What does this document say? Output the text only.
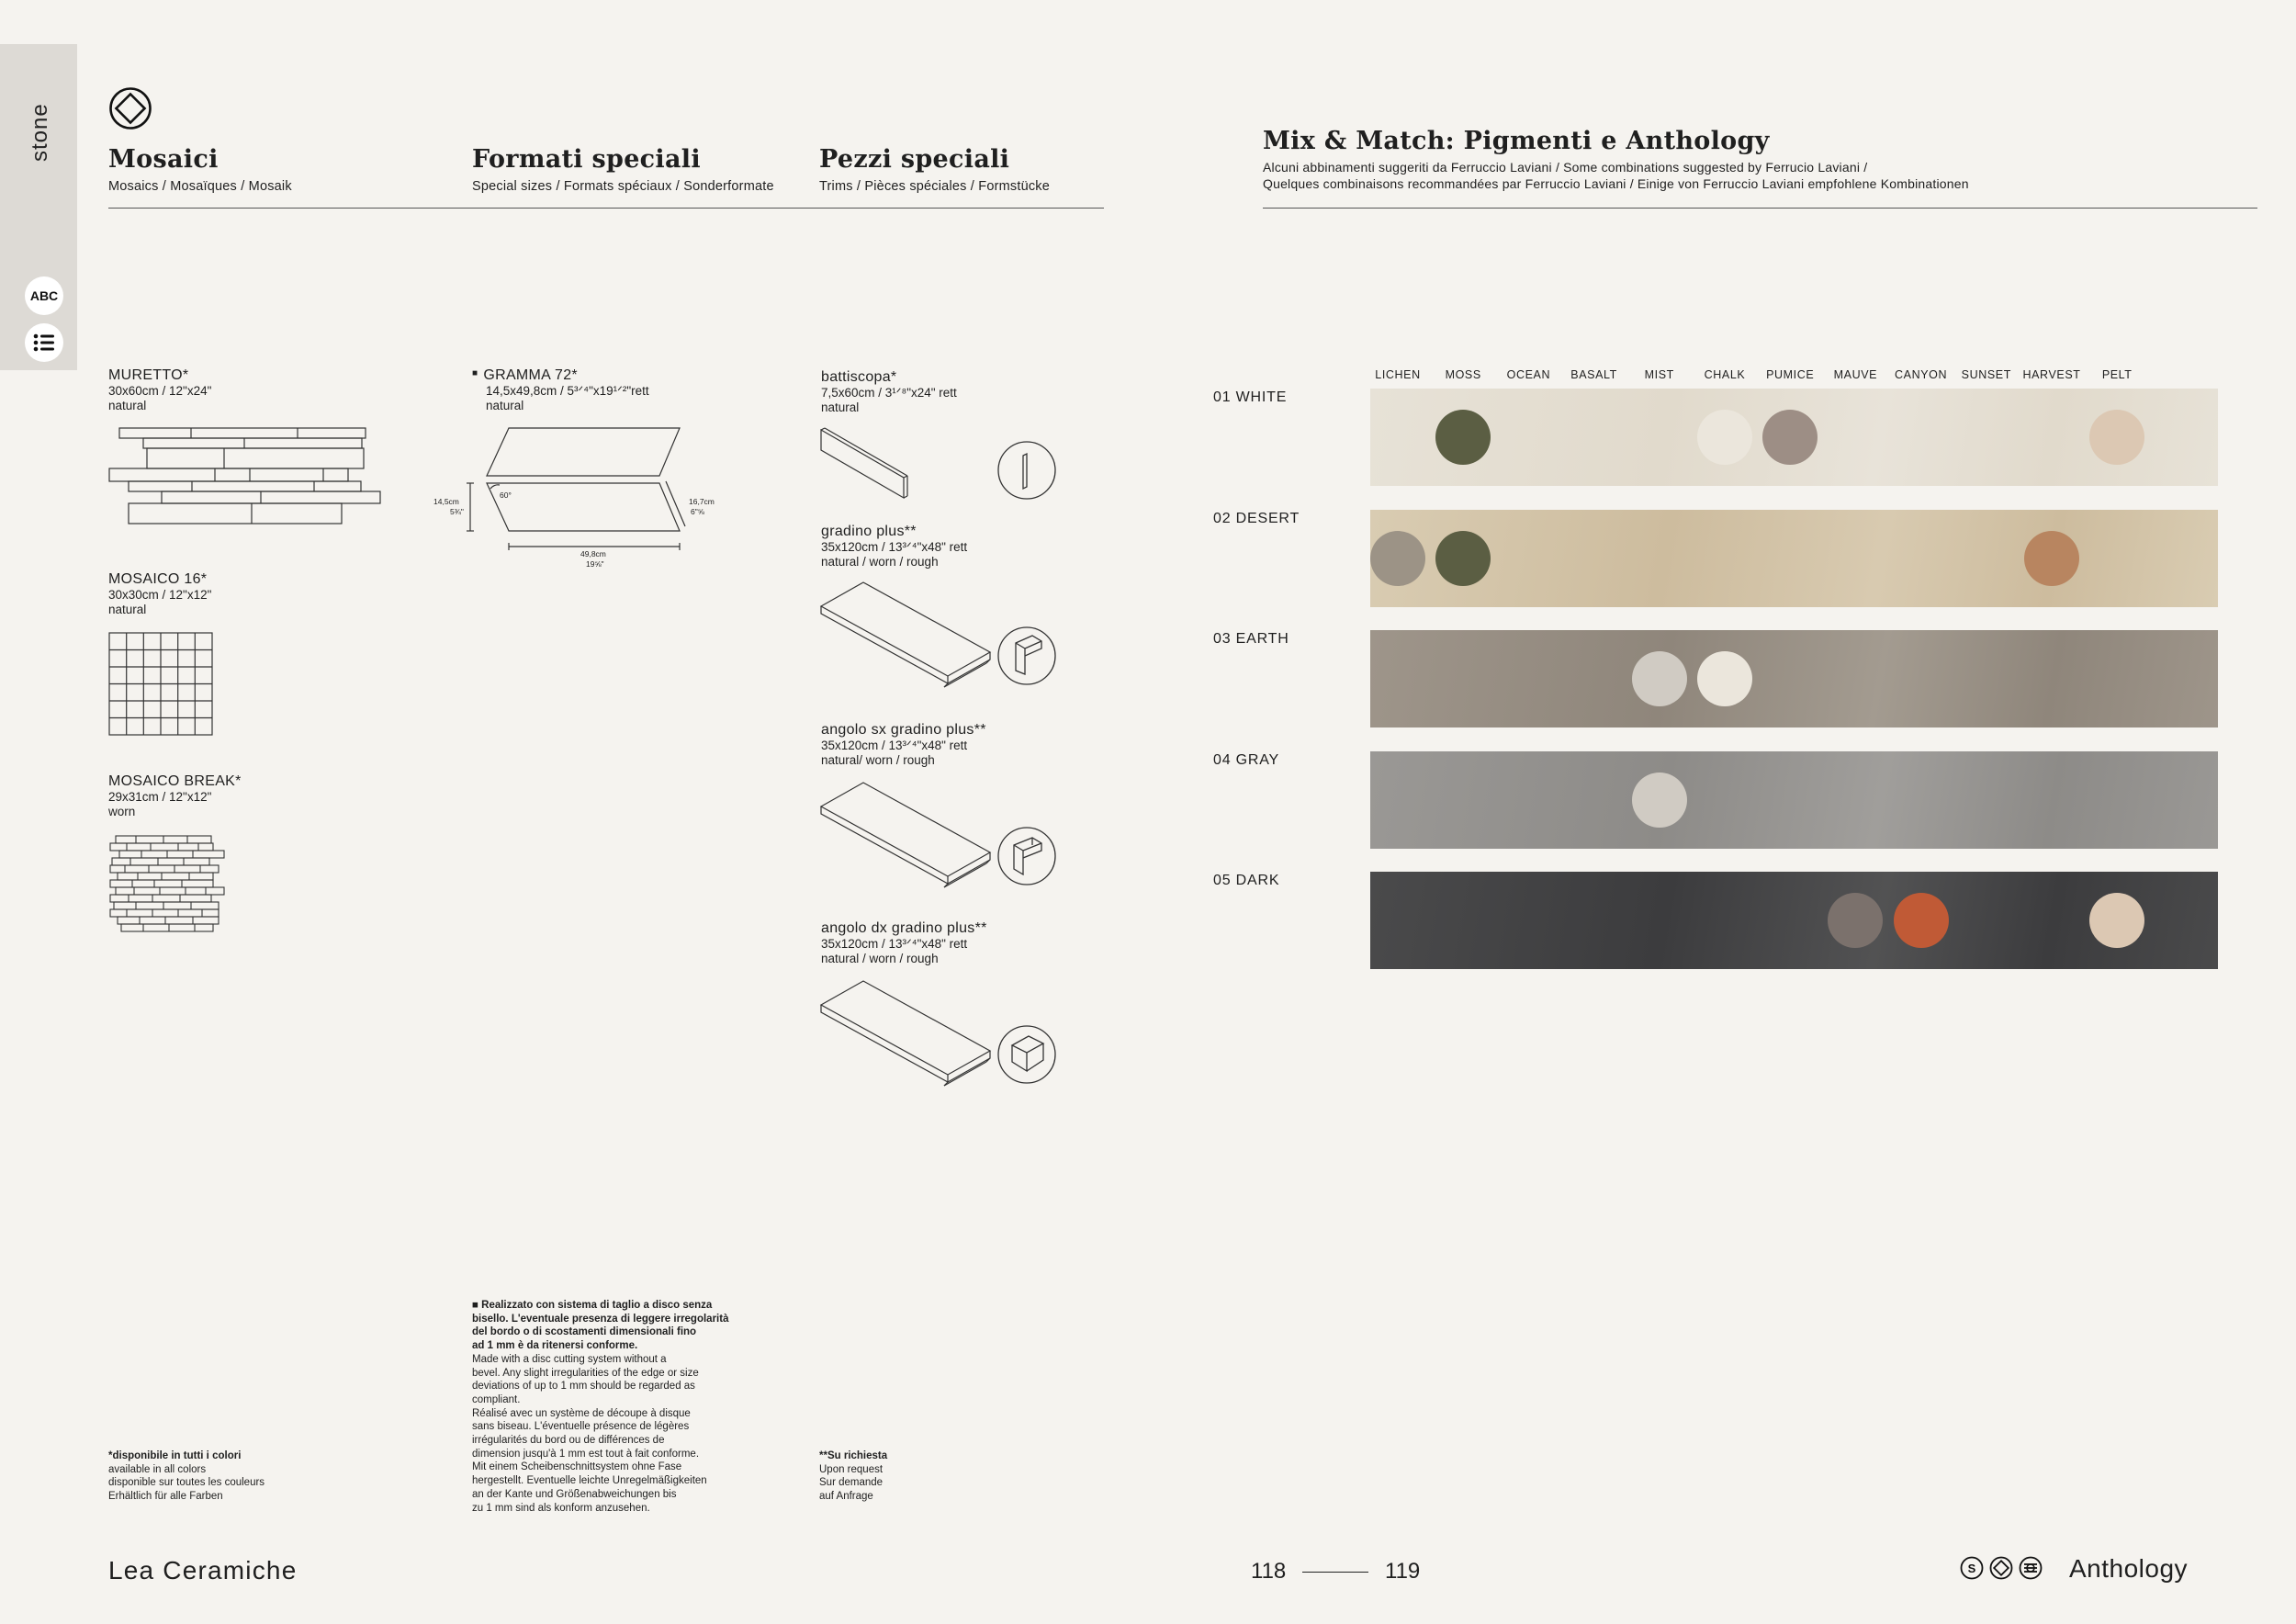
stone
ABC
Mosaici
Mosaics / Mosaïques / Mosaik
Formati speciali
Special sizes / Formats spéciaux / Sonderformate
Pezzi speciali
Trims / Pièces spéciales / Formstücke
Mix & Match: Pigmenti e Anthology
Alcuni abbinamenti suggeriti da Ferruccio Laviani / Some combinations suggested by Ferrucio Laviani /
Quelques combinaisons recommandées par Ferruccio Laviani / Einige von Ferruccio Laviani empfohlene Kombinationen
MURETTO*
30x60cm / 12"x24"
natural
MOSAICO 16*
30x30cm / 12"x12"
natural
MOSAICO BREAK*
29x31cm / 12"x12"
worn
■ GRAMMA 72*
14,5x49,8cm / 5³ᐟ⁴"x19¹ᐟ²"rett
natural
60°
14,5cm
5¾"
16,7cm
6"⅝
49,8cm
19⅝"
battiscopa*
7,5x60cm / 3¹ᐟ⁸"x24" rett
natural
gradino plus**
35x120cm / 13³ᐟ⁴"x48" rett
natural / worn / rough
angolo sx gradino plus**
35x120cm / 13³ᐟ⁴"x48" rett
natural/ worn / rough
angolo dx gradino plus**
35x120cm / 13³ᐟ⁴"x48" rett
natural / worn / rough
*disponibile in tutti i colori
available in all colors
disponible sur toutes les couleurs
Erhältlich für alle Farben
■ Realizzato con sistema di taglio a disco senza
bisello. L'eventuale presenza di leggere irregolarità
del bordo o di scostamenti dimensionali fino
ad 1 mm è da ritenersi conforme.
Made with a disc cutting system without a
bevel. Any slight irregularities of the edge or size
deviations of up to 1 mm should be regarded as
compliant.
Réalisé avec un système de découpe à disque
sans biseau. L'éventuelle présence de légères
irrégularités du bord ou de différences de
dimension jusqu'à 1 mm est tout à fait conforme.
Mit einem Scheibenschnittsystem ohne Fase
hergestellt. Eventuelle leichte Unregelmäßigkeiten
an der Kante und Größenabweichungen bis
zu 1 mm sind als konform anzusehen.
**Su richiesta
Upon request
Sur demande
auf Anfrage
LICHEN	MOSS	OCEAN	BASALT	MIST	CHALK	PUMICE	MAUVE	CANYON	SUNSET	HARVEST	PELT
01 WHITE
02 DESERT
03 EARTH
04 GRAY
05 DARK
Lea Ceramiche	118	119	S	Anthology
